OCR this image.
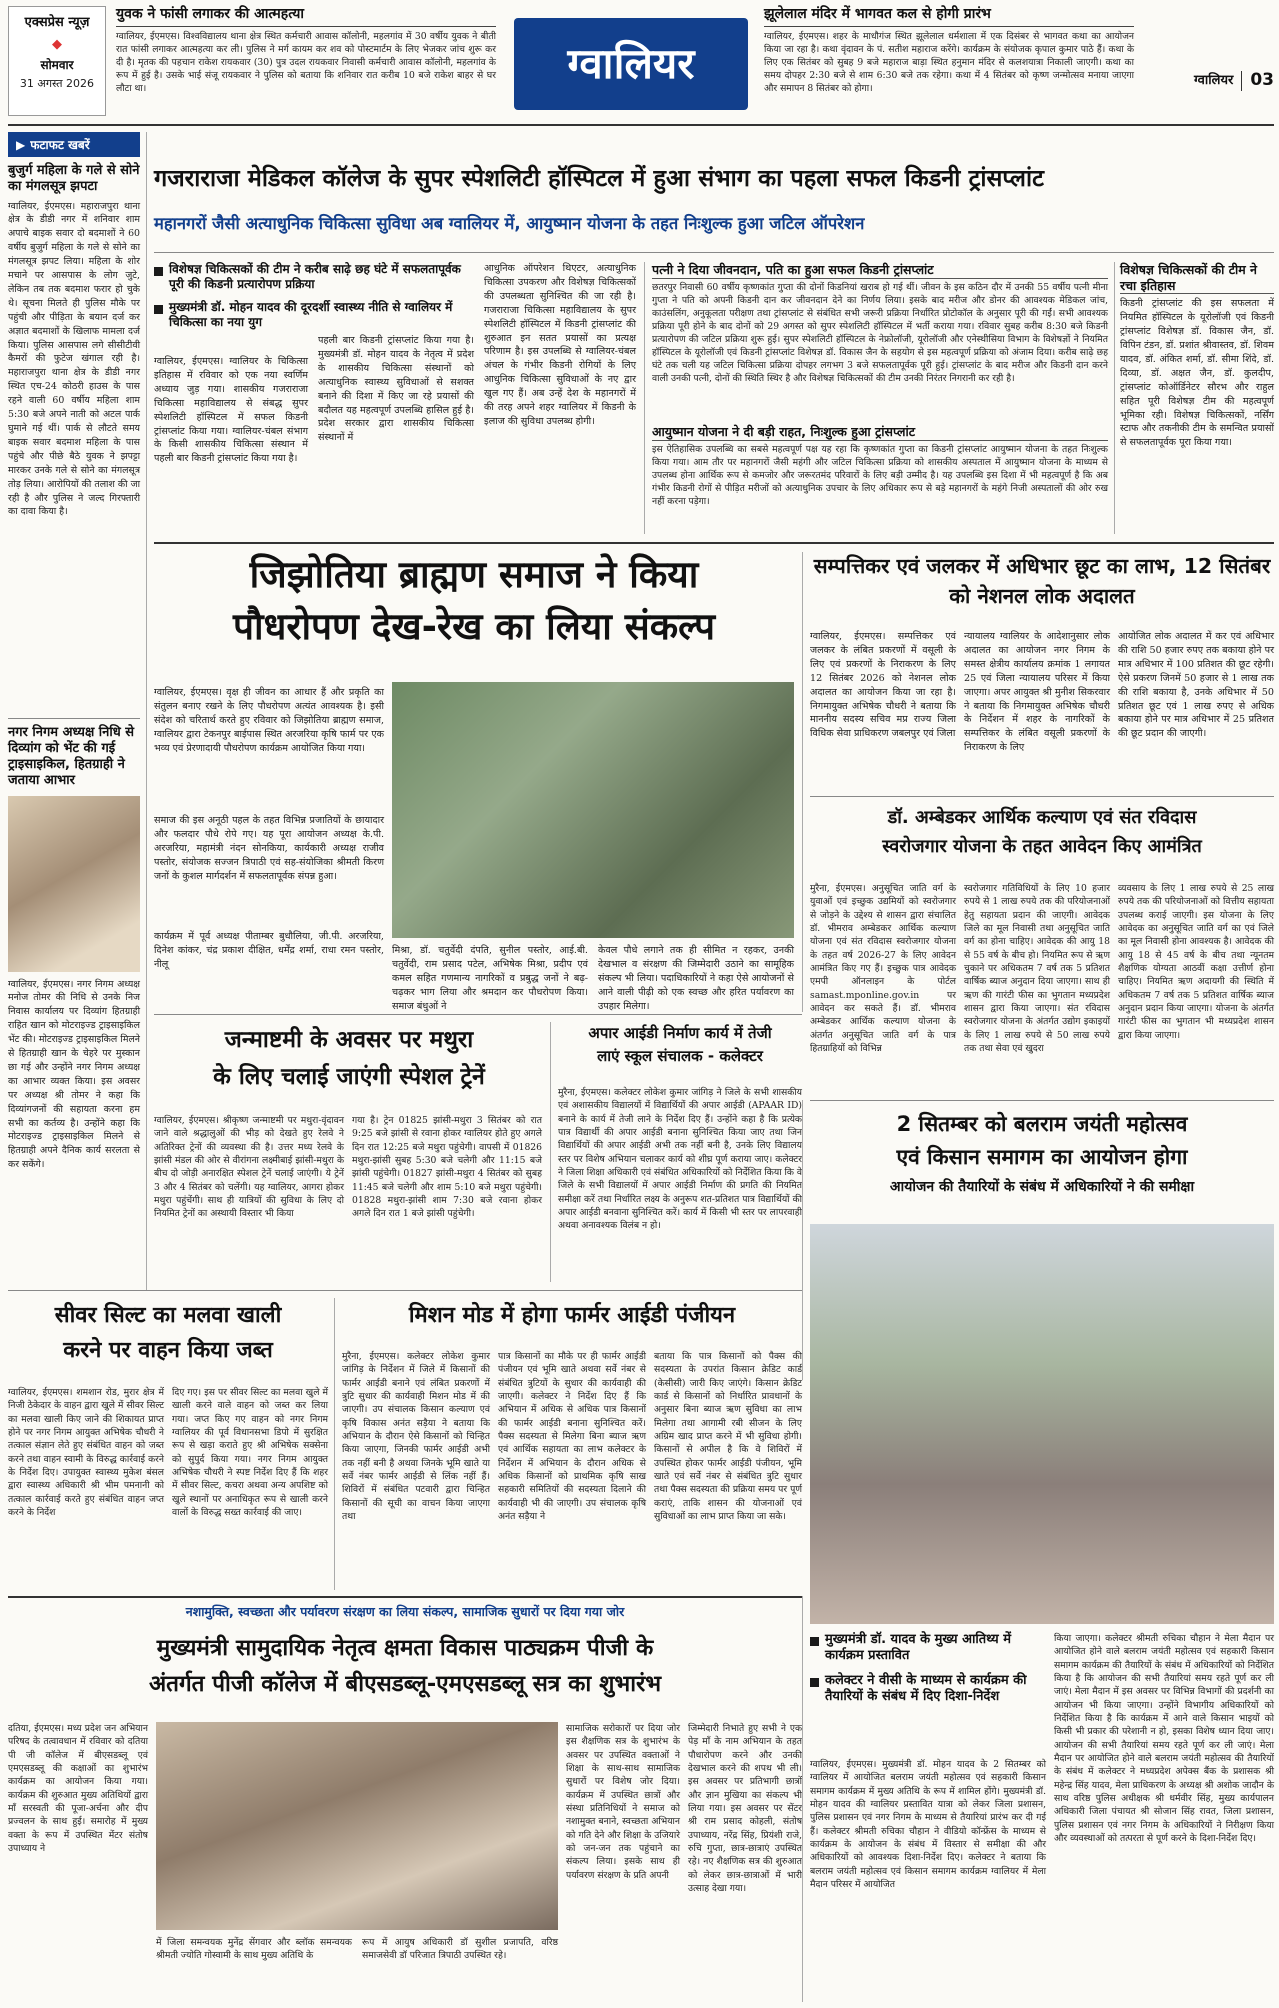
एक्सप्रेस न्यूज़
◆
सोमवार
31 अगस्त 2026
युवक ने फांसी लगाकर की आत्महत्या
ग्वालियर, ईएमएस। विश्वविद्यालय थाना क्षेत्र स्थित कर्मचारी आवास कॉलोनी, महलगांव में 30 वर्षीय युवक ने बीती रात फांसी लगाकर आत्महत्या कर ली। पुलिस ने मर्ग कायम कर शव को पोस्टमार्टम के लिए भेजकर जांच शुरू कर दी है। मृतक की पहचान राकेश रायकवार (30) पुत्र उदल रायकवार निवासी कर्मचारी आवास कॉलोनी, महलगांव के रूप में हुई है। उसके भाई संजू रायकवार ने पुलिस को बताया कि शनिवार रात करीब 10 बजे राकेश बाहर से घर लौटा था।
ग्वालियर
झूलेलाल मंदिर में भागवत कल से होगी प्रारंभ
ग्वालियर, ईएमएस। शहर के माधौगंज स्थित झूलेलाल धर्मशाला में एक दिसंबर से भागवत कथा का आयोजन किया जा रहा है। कथा वृंदावन के पं. सतीश महाराज करेंगे। कार्यक्रम के संयोजक कृपाल कुमार पाठे हैं। कथा के लिए एक सितंबर को सुबह 9 बजे महाराज बाड़ा स्थित हनुमान मंदिर से कलशयात्रा निकाली जाएगी। कथा का समय दोपहर 2:30 बजे से शाम 6:30 बजे तक रहेगा। कथा में 4 सितंबर को कृष्ण जन्मोत्सव मनाया जाएगा और समापन 8 सितंबर को होगा।
ग्वालियर 03
▶ फटाफट खबरें
बुजुर्ग महिला के गले से सोने का मंगलसूत्र झपटा
ग्वालियर, ईएमएस। महाराजपुरा थाना क्षेत्र के डीडी नगर में शनिवार शाम अपाचे बाइक सवार दो बदमाशों ने 60 वर्षीय बुजुर्ग महिला के गले से सोने का मंगलसूत्र झपट लिया। महिला के शोर मचाने पर आसपास के लोग जुटे, लेकिन तब तक बदमाश फरार हो चुके थे। सूचना मिलते ही पुलिस मौके पर पहुंची और पीड़िता के बयान दर्ज कर अज्ञात बदमाशों के खिलाफ मामला दर्ज किया। पुलिस आसपास लगे सीसीटीवी कैमरों की फुटेज खंगाल रही है। महाराजपुरा थाना क्षेत्र के डीडी नगर स्थित एच-24 कोठरी हाउस के पास रहने वाली 60 वर्षीय महिला शाम 5:30 बजे अपने नाती को अटल पार्क घुमाने गई थीं। पार्क से लौटते समय बाइक सवार बदमाश महिला के पास पहुंचे और पीछे बैठे युवक ने झपट्टा मारकर उनके गले से सोने का मंगलसूत्र तोड़ लिया। आरोपियों की तलाश की जा रही है और पुलिस ने जल्द गिरफ्तारी का दावा किया है।
नगर निगम अध्यक्ष निधि से दिव्यांग को भेंट की गई ट्राइसाइकिल, हितग्राही ने जताया आभार
ग्वालियर, ईएमएस। नगर निगम अध्यक्ष मनोज तोमर की निधि से उनके निज निवास कार्यालय पर दिव्यांग हितग्राही राहित खान को मोटराइज्ड ट्राइसाइकिल भेंट की। मोटराइज्ड ट्राइसाइकिल मिलने से हितग्राही खान के चेहरे पर मुस्कान छा गई और उन्होंने नगर निगम अध्यक्ष का आभार व्यक्त किया। इस अवसर पर अध्यक्ष श्री तोमर ने कहा कि दिव्यांगजनों की सहायता करना हम सभी का कर्तव्य है। उन्होंने कहा कि मोटराइज्ड ट्राइसाइकिल मिलने से हितग्राही अपने दैनिक कार्य सरलता से कर सकेंगे।
गजराराजा मेडिकल कॉलेज के सुपर स्पेशलिटी हॉस्पिटल में हुआ संभाग का पहला सफल किडनी ट्रांसप्लांट
महानगरों जैसी अत्याधुनिक चिकित्सा सुविधा अब ग्वालियर में, आयुष्मान योजना के तहत निःशुल्क हुआ जटिल ऑपरेशन
विशेषज्ञ चिकित्सकों की टीम ने करीब साढ़े छह घंटे में सफलतापूर्वक पूरी की किडनी प्रत्यारोपण प्रक्रिया
मुख्यमंत्री डॉ. मोहन यादव की दूरदर्शी स्वास्थ्य नीति से ग्वालियर में चिकित्सा का नया युग
ग्वालियर, ईएमएस। ग्वालियर के चिकित्सा इतिहास में रविवार को एक नया स्वर्णिम अध्याय जुड़ गया। शासकीय गजराराजा चिकित्सा महाविद्यालय से संबद्ध सुपर स्पेशलिटी हॉस्पिटल में सफल किडनी ट्रांसप्लांट किया गया। ग्वालियर-चंबल संभाग के किसी शासकीय चिकित्सा संस्थान में पहली बार किडनी ट्रांसप्लांट किया गया है।
पहली बार किडनी ट्रांसप्लांट किया गया है। मुख्यमंत्री डॉ. मोहन यादव के नेतृत्व में प्रदेश के शासकीय चिकित्सा संस्थानों को अत्याधुनिक स्वास्थ्य सुविधाओं से सशक्त बनाने की दिशा में किए जा रहे प्रयासों की बदौलत यह महत्वपूर्ण उपलब्धि हासिल हुई है। प्रदेश सरकार द्वारा शासकीय चिकित्सा संस्थानों में
आधुनिक ऑपरेशन थिएटर, अत्याधुनिक चिकित्सा उपकरण और विशेषज्ञ चिकित्सकों की उपलब्धता सुनिश्चित की जा रही है। गजराराजा चिकित्सा महाविद्यालय के सुपर स्पेशलिटी हॉस्पिटल में किडनी ट्रांसप्लांट की शुरुआत इन सतत प्रयासों का प्रत्यक्ष परिणाम है। इस उपलब्धि से ग्वालियर-चंबल अंचल के गंभीर किडनी रोगियों के लिए आधुनिक चिकित्सा सुविधाओं के नए द्वार खुल गए हैं। अब उन्हें देश के महानगरों में की तरह अपने शहर ग्वालियर में किडनी के इलाज की सुविधा उपलब्ध होगी।
पत्नी ने दिया जीवनदान, पति का हुआ सफल किडनी ट्रांसप्लांट
छतरपुर निवासी 60 वर्षीय कृष्णकांत गुप्ता की दोनों किडनियां खराब हो गई थीं। जीवन के इस कठिन दौर में उनकी 55 वर्षीय पत्नी मीना गुप्ता ने पति को अपनी किडनी दान कर जीवनदान देने का निर्णय लिया। इसके बाद मरीज और डोनर की आवश्यक मेडिकल जांच, काउंसलिंग, अनुकूलता परीक्षण तथा ट्रांसप्लांट से संबंधित सभी जरूरी प्रक्रिया निर्धारित प्रोटोकॉल के अनुसार पूरी की गईं। सभी आवश्यक प्रक्रिया पूरी होने के बाद दोनों को 29 अगस्त को सुपर स्पेशलिटी हॉस्पिटल में भर्ती कराया गया। रविवार सुबह करीब 8:30 बजे किडनी प्रत्यारोपण की जटिल प्रक्रिया शुरू हुई। सुपर स्पेशलिटी हॉस्पिटल के नेफ्रोलॉजी, यूरोलॉजी और एनेस्थीसिया विभाग के विशेषज्ञों ने नियमित हॉस्पिटल के यूरोलॉजी एवं किडनी ट्रांसप्लांट विशेषज्ञ डॉ. विकास जैन के सहयोग से इस महत्वपूर्ण प्रक्रिया को अंजाम दिया। करीब साढ़े छह घंटे तक चली यह जटिल चिकित्सा प्रक्रिया दोपहर लगभग 3 बजे सफलतापूर्वक पूरी हुई। ट्रांसप्लांट के बाद मरीज और किडनी दान करने वाली उनकी पत्नी, दोनों की स्थिति स्थिर है और विशेषज्ञ चिकित्सकों की टीम उनकी निरंतर निगरानी कर रही है।
आयुष्मान योजना ने दी बड़ी राहत, निःशुल्क हुआ ट्रांसप्लांट
इस ऐतिहासिक उपलब्धि का सबसे महत्वपूर्ण पक्ष यह रहा कि कृष्णकांत गुप्ता का किडनी ट्रांसप्लांट आयुष्मान योजना के तहत निःशुल्क किया गया। आम तौर पर महानगरों जैसी महंगी और जटिल चिकित्सा प्रक्रिया को शासकीय अस्पताल में आयुष्मान योजना के माध्यम से उपलब्ध होना आर्थिक रूप से कमजोर और जरूरतमंद परिवारों के लिए बड़ी उम्मीद है। यह उपलब्धि इस दिशा में भी महत्वपूर्ण है कि अब गंभीर किडनी रोगों से पीड़ित मरीजों को अत्याधुनिक उपचार के लिए अधिकार रूप से बड़े महानगरों के महंगे निजी अस्पतालों की ओर रुख नहीं करना पड़ेगा।
विशेषज्ञ चिकित्सकों की टीम ने रचा इतिहास
किडनी ट्रांसप्लांट की इस सफलता में नियमित हॉस्पिटल के यूरोलॉजी एवं किडनी ट्रांसप्लांट विशेषज्ञ डॉ. विकास जैन, डॉ. विपिन टंडन, डॉ. प्रशांत श्रीवास्तव, डॉ. शिवम यादव, डॉ. अंकित शर्मा, डॉ. सीमा शिंदे, डॉ. दिव्या, डॉ. अक्षत जैन, डॉ. कुलदीप, ट्रांसप्लांट कोऑर्डिनेटर सौरभ और राहुल सहित पूरी विशेषज्ञ टीम की महत्वपूर्ण भूमिका रही। विशेषज्ञ चिकित्सकों, नर्सिंग स्टाफ और तकनीकी टीम के समन्वित प्रयासों से सफलतापूर्वक पूरा किया गया।
जिझोतिया ब्राह्मण समाज ने किया
पौधरोपण देख-रेख का लिया संकल्प
ग्वालियर, ईएमएस। वृक्ष ही जीवन का आधार हैं और प्रकृति का संतुलन बनाए रखने के लिए पौधरोपण अत्यंत आवश्यक है। इसी संदेश को चरितार्थ करते हुए रविवार को जिझोतिया ब्राह्मण समाज, ग्वालियर द्वारा टेकनपुर बाईपास स्थित अरजरिया कृषि फार्म पर एक भव्य एवं प्रेरणादायी पौधरोपण कार्यक्रम आयोजित किया गया।
समाज की इस अनूठी पहल के तहत विभिन्न प्रजातियों के छायादार और फलदार पौधे रोपे गए। यह पूरा आयोजन अध्यक्ष के.पी. अरजरिया, महामंत्री नंदन सोनकिया, कार्यकारी अध्यक्ष राजीव पस्तोर, संयोजक सज्जन त्रिपाठी एवं सह-संयोजिका श्रीमती किरण जनों के कुशल मार्गदर्शन में सफलतापूर्वक संपन्न हुआ।
कार्यक्रम में पूर्व अध्यक्ष पीताम्बर बुधौलिया, जी.पी. अरजरिया, दिनेश कांकर, चंद्र प्रकाश दीक्षित, धर्मेंद्र शर्मा, राधा रमन पस्तोर, नीलू
मिश्रा, डॉ. चतुर्वेदी दंपति, सुनील पस्तोर, आई.बी. चतुर्वेदी, राम प्रसाद पटेल, अभिषेक मिश्रा, प्रदीप एवं कमल सहित गणमान्य नागरिकों व प्रबुद्ध जनों ने बढ़-चढ़कर भाग लिया और श्रमदान कर पौधरोपण किया। समाज बंधुओं ने
केवल पौधे लगाने तक ही सीमित न रहकर, उनकी देखभाल व संरक्षण की जिम्मेदारी उठाने का सामूहिक संकल्प भी लिया। पदाधिकारियों ने कहा ऐसे आयोजनों से आने वाली पीढ़ी को एक स्वच्छ और हरित पर्यावरण का उपहार मिलेगा।
सम्पत्तिकर एवं जलकर में अधिभार छूट का लाभ, 12 सितंबर को नेशनल लोक अदालत
ग्वालियर, ईएमएस। सम्पत्तिकर एवं जलकर के लंबित प्रकरणों में वसूली के लिए एवं प्रकरणों के निराकरण के लिए 12 सितंबर 2026 को नेशनल लोक अदालत का आयोजन किया जा रहा है। निगमायुक्त अभिषेक चौधरी ने बताया कि माननीय सदस्य सचिव मप्र राज्य जिला विधिक सेवा प्राधिकरण जबलपुर एवं जिला
न्यायालय ग्वालियर के आदेशानुसार लोक अदालत का आयोजन नगर निगम के समस्त क्षेत्रीय कार्यालय क्रमांक 1 लगायत 25 एवं जिला न्यायालय परिसर में किया जाएगा। अपर आयुक्त श्री मुनीश सिकरवार ने बताया कि निगमायुक्त अभिषेक चौधरी के निर्देशन में शहर के नागरिकों के सम्पत्तिकर के लंबित वसूली प्रकरणों के निराकरण के लिए
आयोजित लोक अदालत में कर एवं अधिभार की राशि 50 हजार रुपए तक बकाया होने पर मात्र अधिभार में 100 प्रतिशत की छूट रहेगी। ऐसे प्रकरण जिनमें 50 हजार से 1 लाख तक की राशि बकाया है, उनके अधिभार में 50 प्रतिशत छूट एवं 1 लाख रुपए से अधिक बकाया होने पर मात्र अधिभार में 25 प्रतिशत की छूट प्रदान की जाएगी।
डॉ. अम्बेडकर आर्थिक कल्याण एवं संत रविदास
स्वरोजगार योजना के तहत आवेदन किए आमंत्रित
मुरैना, ईएमएस। अनुसूचित जाति वर्ग के युवाओं एवं इच्छुक उद्यमियों को स्वरोजगार से जोड़ने के उद्देश्य से शासन द्वारा संचालित डॉ. भीमराव अम्बेडकर आर्थिक कल्याण योजना एवं संत रविदास स्वरोजगार योजना के तहत वर्ष 2026-27 के लिए आवेदन आमंत्रित किए गए हैं। इच्छुक पात्र आवेदक एमपी ऑनलाइन के पोर्टल samast.mponline.gov.in पर आवेदन कर सकते हैं। डॉ. भीमराव अम्बेडकर आर्थिक कल्याण योजना के अंतर्गत अनुसूचित जाति वर्ग के पात्र हितग्राहियों को विभिन्न
स्वरोजगार गतिविधियों के लिए 10 हजार रुपये से 1 लाख रुपये तक की परियोजनाओं हेतु सहायता प्रदान की जाएगी। आवेदक जिले का मूल निवासी तथा अनुसूचित जाति वर्ग का होना चाहिए। आवेदक की आयु 18 से 55 वर्ष के बीच हो। नियमित रूप से ऋण चुकाने पर अधिकतम 7 वर्ष तक 5 प्रतिशत वार्षिक ब्याज अनुदान दिया जाएगा। साथ ही ऋण की गारंटी फीस का भुगतान मध्यप्रदेश शासन द्वारा किया जाएगा। संत रविदास स्वरोजगार योजना के अंतर्गत उद्योग इकाइयों के लिए 1 लाख रुपये से 50 लाख रुपये तक तथा सेवा एवं खुदरा
व्यवसाय के लिए 1 लाख रुपये से 25 लाख रुपये तक की परियोजनाओं को वित्तीय सहायता उपलब्ध कराई जाएगी। इस योजना के लिए आवेदक का अनुसूचित जाति वर्ग का एवं जिले का मूल निवासी होना आवश्यक है। आवेदक की आयु 18 से 45 वर्ष के बीच तथा न्यूनतम शैक्षणिक योग्यता आठवीं कक्षा उत्तीर्ण होना चाहिए। नियमित ऋण अदायगी की स्थिति में अधिकतम 7 वर्ष तक 5 प्रतिशत वार्षिक ब्याज अनुदान प्रदान किया जाएगा। योजना के अंतर्गत गारंटी फीस का भुगतान भी मध्यप्रदेश शासन द्वारा किया जाएगा।
जन्माष्टमी के अवसर पर मथुरा
के लिए चलाई जाएंगी स्पेशल ट्रेनें
ग्वालियर, ईएमएस। श्रीकृष्ण जन्माष्टमी पर मथुरा-वृंदावन जाने वाले श्रद्धालुओं की भीड़ को देखते हुए रेलवे ने अतिरिक्त ट्रेनों की व्यवस्था की है। उत्तर मध्य रेलवे के झांसी मंडल की ओर से वीरांगना लक्ष्मीबाई झांसी-मथुरा के बीच दो जोड़ी अनारक्षित स्पेशल ट्रेनें चलाई जाएंगी। ये ट्रेनें 3 और 4 सितंबर को चलेंगी। यह ग्वालियर, आगरा होकर मथुरा पहुंचेंगी। साथ ही यात्रियों की सुविधा के लिए दो नियमित ट्रेनों का अस्थायी विस्तार भी किया
गया है। ट्रेन 01825 झांसी-मथुरा 3 सितंबर को रात 9:25 बजे झांसी से रवाना होकर ग्वालियर होते हुए अगले दिन रात 12:25 बजे मथुरा पहुंचेगी। वापसी में 01826 मथुरा-झांसी सुबह 5:30 बजे चलेगी और 11:15 बजे झांसी पहुंचेगी। 01827 झांसी-मथुरा 4 सितंबर को सुबह 11:45 बजे चलेगी और शाम 5:10 बजे मथुरा पहुंचेगी। 01828 मथुरा-झांसी शाम 7:30 बजे रवाना होकर अगले दिन रात 1 बजे झांसी पहुंचेगी।
अपार आईडी निर्माण कार्य में तेजी
लाएं स्कूल संचालक - कलेक्टर
मुरैना, ईएमएस। कलेक्टर लोकेश कुमार जांगिड़ ने जिले के सभी शासकीय एवं अशासकीय विद्यालयों में विद्यार्थियों की अपार आईडी (APAAR ID) बनाने के कार्य में तेजी लाने के निर्देश दिए हैं। उन्होंने कहा है कि प्रत्येक पात्र विद्यार्थी की अपार आईडी बनाना सुनिश्चित किया जाए तथा जिन विद्यार्थियों की अपार आईडी अभी तक नहीं बनी है, उनके लिए विद्यालय स्तर पर विशेष अभियान चलाकर कार्य को शीघ्र पूर्ण कराया जाए। कलेक्टर ने जिला शिक्षा अधिकारी एवं संबंधित अधिकारियों को निर्देशित किया कि वे जिले के सभी विद्यालयों में अपार आईडी निर्माण की प्रगति की नियमित समीक्षा करें तथा निर्धारित लक्ष्य के अनुरूप शत-प्रतिशत पात्र विद्यार्थियों की अपार आईडी बनवाना सुनिश्चित करें। कार्य में किसी भी स्तर पर लापरवाही अथवा अनावश्यक विलंब न हो।
2 सितम्बर को बलराम जयंती महोत्सव
एवं किसान समागम का आयोजन होगा
आयोजन की तैयारियों के संबंध में अधिकारियों ने की समीक्षा
सीवर सिल्ट का मलवा खाली
करने पर वाहन किया जब्त
ग्वालियर, ईएमएस। शमशान रोड, मुरार क्षेत्र में निजी ठेकेदार के वाहन द्वारा खुले में सीवर सिल्ट का मलवा खाली किए जाने की शिकायत प्राप्त होने पर नगर निगम आयुक्त अभिषेक चौधरी ने तत्काल संज्ञान लेते हुए संबंधित वाहन को जब्त करने तथा वाहन स्वामी के विरुद्ध कार्रवाई करने के निर्देश दिए। उपायुक्त स्वास्थ्य मुकेश बंसल द्वारा स्वास्थ्य अधिकारी श्री भीम पमनानी को तत्काल कार्रवाई करते हुए संबंधित वाहन जप्त करने के निर्देश
दिए गए। इस पर सीवर सिल्ट का मलवा खुले में खाली करने वाले वाहन को जब्त कर लिया गया। जप्त किए गए वाहन को नगर निगम ग्वालियर की पूर्व विधानसभा डिपो में सुरक्षित रूप से खड़ा कराते हुए श्री अभिषेक सक्सेना को सुपुर्द किया गया। नगर निगम आयुक्त अभिषेक चौधरी ने स्पष्ट निर्देश दिए हैं कि शहर में सीवर सिल्ट, कचरा अथवा अन्य अपशिष्ट को खुले स्थानों पर अनाधिकृत रूप से खाली करने वालों के विरुद्ध सख्त कार्रवाई की जाए।
मिशन मोड में होगा फार्मर आईडी पंजीयन
मुरैना, ईएमएस। कलेक्टर लोकेश कुमार जांगिड़ के निर्देशन में जिले में किसानों की फार्मर आईडी बनाने एवं लंबित प्रकरणों में त्रुटि सुधार की कार्यवाही मिशन मोड में की जाएगी। उप संचालक किसान कल्याण एवं कृषि विकास अनंत सड़ैया ने बताया कि अभियान के दौरान ऐसे किसानों को चिन्हित किया जाएगा, जिनकी फार्मर आईडी अभी तक नहीं बनी है अथवा जिनके भूमि खाते या सर्वे नंबर फार्मर आईडी से लिंक नहीं हैं। शिविरों में संबंधित पटवारी द्वारा चिन्हित किसानों की सूची का वाचन किया जाएगा तथा
पात्र किसानों का मौके पर ही फार्मर आईडी पंजीयन एवं भूमि खाते अथवा सर्वे नंबर से संबंधित त्रुटियों के सुधार की कार्यवाही की जाएगी। कलेक्टर ने निर्देश दिए हैं कि अभियान में अधिक से अधिक पात्र किसानों की फार्मर आईडी बनाना सुनिश्चित करें। पैक्स सदस्यता से मिलेगा बिना ब्याज ऋण एवं आर्थिक सहायता का लाभ कलेक्टर के निर्देशन में अभियान के दौरान अधिक से अधिक किसानों को प्राथमिक कृषि साख सहकारी समितियों की सदस्यता दिलाने की कार्यवाही भी की जाएगी। उप संचालक कृषि अनंत सड़ैया ने
बताया कि पात्र किसानों को पैक्स की सदस्यता के उपरांत किसान क्रेडिट कार्ड (केसीसी) जारी किए जाएंगे। किसान क्रेडिट कार्ड से किसानों को निर्धारित प्रावधानों के अनुसार बिना ब्याज ऋण सुविधा का लाभ मिलेगा तथा आगामी रबी सीजन के लिए अग्रिम खाद प्राप्त करने में भी सुविधा होगी। किसानों से अपील है कि वे शिविरों में उपस्थित होकर फार्मर आईडी पंजीयन, भूमि खाते एवं सर्वे नंबर से संबंधित त्रुटि सुधार तथा पैक्स सदस्यता की प्रक्रिया समय पर पूर्ण कराएं, ताकि शासन की योजनाओं एवं सुविधाओं का लाभ प्राप्त किया जा सके।
नशामुक्ति, स्वच्छता और पर्यावरण संरक्षण का लिया संकल्प, सामाजिक सुधारों पर दिया गया जोर
मुख्यमंत्री सामुदायिक नेतृत्व क्षमता विकास पाठ्यक्रम पीजी के
अंतर्गत पीजी कॉलेज में बीएसडब्लू-एमएसडब्लू सत्र का शुभारंभ
दतिया, ईएमएस। मध्य प्रदेश जन अभियान परिषद के तत्वावधान में रविवार को दतिया पी जी कॉलेज में बीएसडब्लू एवं एमएसडब्लू की कक्षाओं का शुभारंभ कार्यक्रम का आयोजन किया गया। कार्यक्रम की शुरुआत मुख्य अतिथियों द्वारा माँ सरस्वती की पूजा-अर्चना और दीप प्रज्वलन के साथ हुई। समारोह में मुख्य वक्ता के रूप में उपस्थित मेंटर संतोष उपाध्याय ने
में जिला समन्वयक मुनेंद्र सेंगवार और ब्लॉक समन्वयक श्रीमती ज्योति गोस्वामी के साथ मुख्य अतिथि के
रूप में आयुष अधिकारी डॉ सुशील प्रजापति, वरिष्ठ समाजसेवी डॉ परिजात त्रिपाठी उपस्थित रहे।
सामाजिक सरोकारों पर दिया जोर इस शैक्षणिक सत्र के शुभारंभ के अवसर पर उपस्थित वक्ताओं ने शिक्षा के साथ-साथ सामाजिक सुधारों पर विशेष जोर दिया। कार्यक्रम में उपस्थित छात्रों और संस्था प्रतिनिधियों ने समाज को नशामुक्त बनाने, स्वच्छता अभियान को गति देने और शिक्षा के उजियारे को जन-जन तक पहुंचाने का संकल्प लिया। इसके साथ ही पर्यावरण संरक्षण के प्रति अपनी
जिम्मेदारी निभाते हुए सभी ने एक पेड़ माँ के नाम अभियान के तहत पौधारोपण करने और उनकी देखभाल करने की शपथ भी ली। इस अवसर पर प्रतिभागी छात्रों और ज्ञान मुखिया का संकल्प भी लिया गया। इस अवसर पर सेंटर श्री राम प्रसाद कोहली, संतोष उपाध्याय, नरेंद्र सिंह, प्रियंशी राजे, रुचि गुप्ता, छात्र-छात्राएं उपस्थित रहे। नए शैक्षणिक सत्र की शुरुआत को लेकर छात्र-छात्राओं में भारी उत्साह देखा गया।
मुख्यमंत्री डॉ. यादव के मुख्य आतिथ्य में कार्यक्रम प्रस्तावित
कलेक्टर ने वीसी के माध्यम से कार्यक्रम की तैयारियों के संबंध में दिए दिशा-निर्देश
ग्वालियर, ईएमएस। मुख्यमंत्री डॉ. मोहन यादव के 2 सितम्बर को ग्वालियर में आयोजित बलराम जयंती महोत्सव एवं सहकारी किसान समागम कार्यक्रम में मुख्य अतिथि के रूप में शामिल होंगे। मुख्यमंत्री डॉ. मोहन यादव की ग्वालियर प्रस्तावित यात्रा को लेकर जिला प्रशासन, पुलिस प्रशासन एवं नगर निगम के माध्यम से तैयारियां प्रारंभ कर दी गई हैं। कलेक्टर श्रीमती रुचिका चौहान ने वीडियो कॉन्फ्रेंस के माध्यम से कार्यक्रम के आयोजन के संबंध में विस्तार से समीक्षा की और अधिकारियों को आवश्यक दिशा-निर्देश दिए। कलेक्टर ने बताया कि बलराम जयंती महोत्सव एवं किसान समागम कार्यक्रम ग्वालियर में मेला मैदान परिसर में आयोजित
किया जाएगा। कलेक्टर श्रीमती रुचिका चौहान ने मेला मैदान पर आयोजित होने वाले बलराम जयंती महोत्सव एवं सहकारी किसान समागम कार्यक्रम की तैयारियों के संबंध में अधिकारियों को निर्देशित किया है कि आयोजन की सभी तैयारियां समय रहते पूर्ण कर ली जाएं। मेला मैदान में इस अवसर पर विभिन्न विभागों की प्रदर्शनी का आयोजन भी किया जाएगा। उन्होंने विभागीय अधिकारियों को निर्देशित किया है कि कार्यक्रम में आने वाले किसान भाइयों को किसी भी प्रकार की परेशानी न हो, इसका विशेष ध्यान दिया जाए। आयोजन की सभी तैयारियां समय रहते पूर्ण कर ली जाएं। मेला मैदान पर आयोजित होने वाले बलराम जयंती महोत्सव की तैयारियों के संबंध में कलेक्टर ने मध्यप्रदेश अपेक्स बैंक के प्रशासक श्री महेन्द्र सिंह यादव, मेला प्राधिकरण के अध्यक्ष श्री अशोक जादौन के साथ वरिष्ठ पुलिस अधीक्षक श्री धर्मवीर सिंह, मुख्य कार्यपालन अधिकारी जिला पंचायत श्री सोजान सिंह रावत, जिला प्रशासन, पुलिस प्रशासन एवं नगर निगम के अधिकारियों ने निरीक्षण किया और व्यवस्थाओं को तत्परता से पूर्ण करने के दिशा-निर्देश दिए।
